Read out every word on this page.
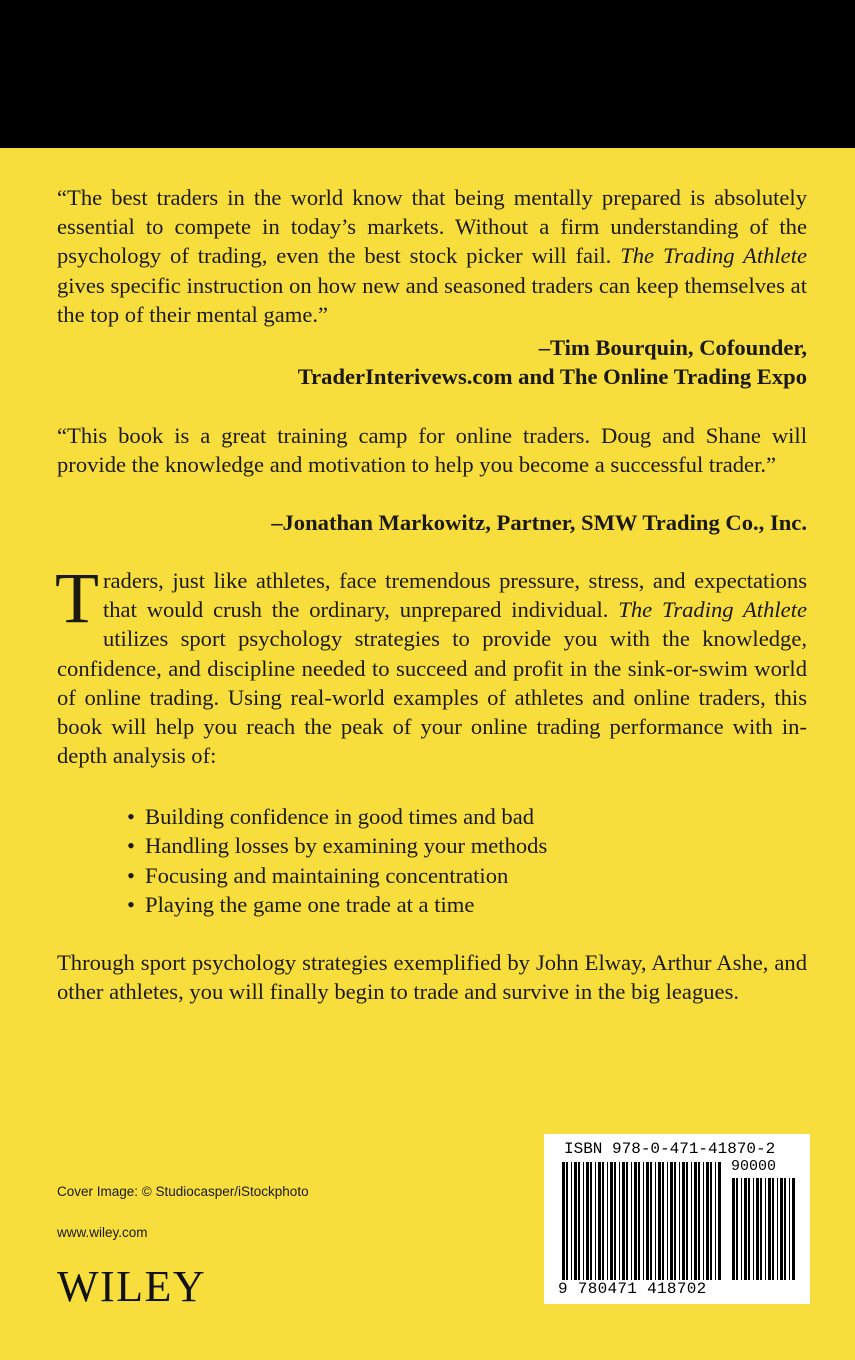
“The best traders in the world know that being mentally prepared is absolutely essential to compete in today’s markets. Without a firm understanding of the psychology of trading, even the best stock picker will fail. The Trading Athlete gives specific instruction on how new and seasoned traders can keep themselves at the top of their mental game.”

–Tim Bourquin, Cofounder,
TraderInterivews.com and The Online Trading Expo

“This book is a great training camp for online traders. Doug and Shane will provide the knowledge and motivation to help you become a successful trader.”

–Jonathan Markowitz, Partner, SMW Trading Co., Inc.

Traders, just like athletes, face tremendous pressure, stress, and expectations that would crush the ordinary, unprepared individual. The Trading Athlete utilizes sport psychology strategies to provide you with the knowledge, confidence, and discipline needed to succeed and profit in the sink-or-swim world of online trading. Using real-world examples of athletes and online traders, this book will help you reach the peak of your online trading performance with in-depth analysis of:

• Building confidence in good times and bad
• Handling losses by examining your methods
• Focusing and maintaining concentration
• Playing the game one trade at a time

Through sport psychology strategies exemplified by John Elway, Arthur Ashe, and other athletes, you will finally begin to trade and survive in the big leagues.

Cover Image: © Studiocasper/iStockphoto

www.wiley.com

WILEY

ISBN 978-0-471-41870-2
90000
9 780471 418702
